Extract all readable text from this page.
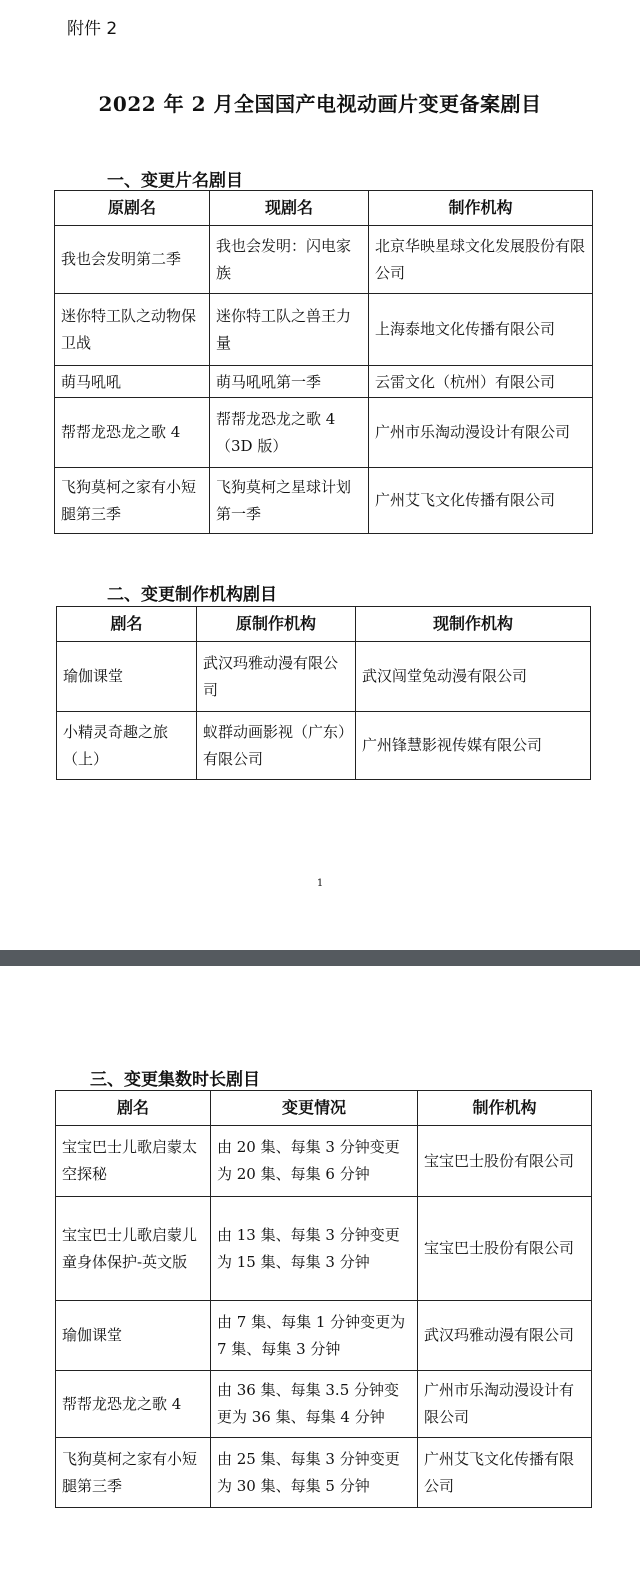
附件 2
2022 年 2 月全国国产电视动画片变更备案剧目
一、变更片名剧目
原剧名	现剧名	制作机构
我也会发明第二季	我也会发明：闪电家族	北京华映星球文化发展股份有限公司
迷你特工队之动物保卫战	迷你特工队之兽王力量	上海泰地文化传播有限公司
萌马吼吼	萌马吼吼第一季	云雷文化（杭州）有限公司
帮帮龙恐龙之歌 4	帮帮龙恐龙之歌 4（3D 版）	广州市乐淘动漫设计有限公司
飞狗莫柯之家有小短腿第三季	飞狗莫柯之星球计划第一季	广州艾飞文化传播有限公司
二、变更制作机构剧目
剧名	原制作机构	现制作机构
瑜伽课堂	武汉玛雅动漫有限公司	武汉闯堂兔动漫有限公司
小精灵奇趣之旅（上）	蚁群动画影视（广东）有限公司	广州锋慧影视传媒有限公司
1
三、变更集数时长剧目
剧名	变更情况	制作机构
宝宝巴士儿歌启蒙太空探秘	由 20 集、每集 3 分钟变更为 20 集、每集 6 分钟	宝宝巴士股份有限公司
宝宝巴士儿歌启蒙儿童身体保护-英文版	由 13 集、每集 3 分钟变更为 15 集、每集 3 分钟	宝宝巴士股份有限公司
瑜伽课堂	由 7 集、每集 1 分钟变更为 7 集、每集 3 分钟	武汉玛雅动漫有限公司
帮帮龙恐龙之歌 4	由 36 集、每集 3.5 分钟变更为 36 集、每集 4 分钟	广州市乐淘动漫设计有限公司
飞狗莫柯之家有小短腿第三季	由 25 集、每集 3 分钟变更为 30 集、每集 5 分钟	广州艾飞文化传播有限公司
